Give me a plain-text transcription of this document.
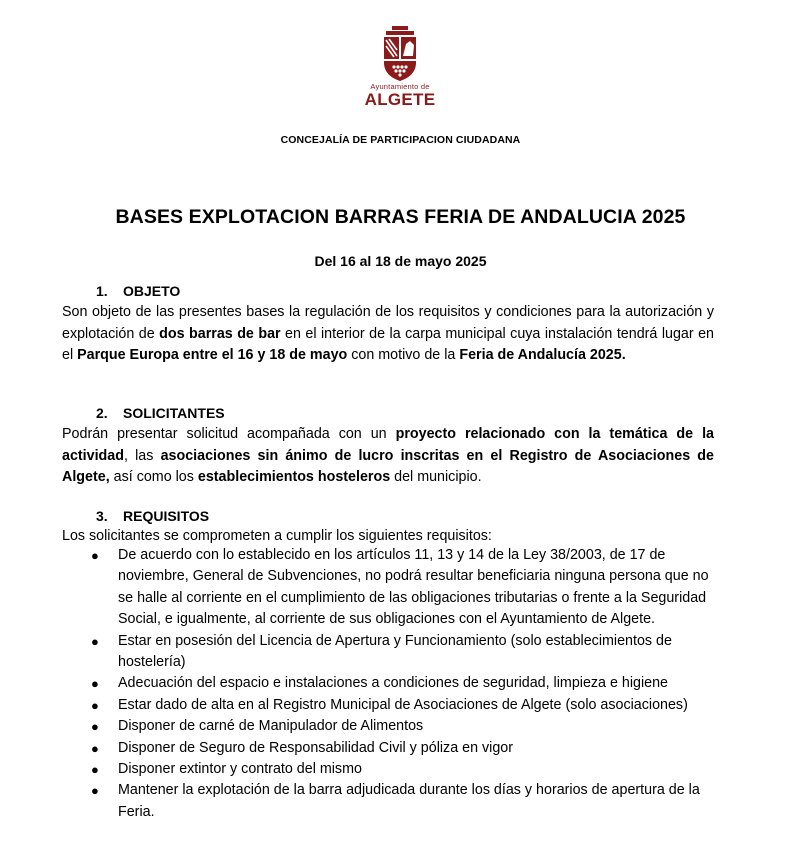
Ayuntamiento de
ALGETE
CONCEJALÍA DE PARTICIPACION CIUDADANA
BASES EXPLOTACION BARRAS FERIA DE ANDALUCIA 2025
Del 16 al 18 de mayo 2025
1. OBJETO
Son objeto de las presentes bases la regulación de los requisitos y condiciones para la autorización y explotación de dos barras de bar en el interior de la carpa municipal cuya instalación tendrá lugar en el Parque Europa entre el 16 y 18 de mayo con motivo de la Feria de Andalucía 2025.
2. SOLICITANTES
Podrán presentar solicitud acompañada con un proyecto relacionado con la temática de la actividad, las asociaciones sin ánimo de lucro inscritas en el Registro de Asociaciones de Algete, así como los establecimientos hosteleros del municipio.
3. REQUISITOS
Los solicitantes se comprometen a cumplir los siguientes requisitos:
● De acuerdo con lo establecido en los artículos 11, 13 y 14 de la Ley 38/2003, de 17 de noviembre, General de Subvenciones, no podrá resultar beneficiaria ninguna persona que no se halle al corriente en el cumplimiento de las obligaciones tributarias o frente a la Seguridad Social, e igualmente, al corriente de sus obligaciones con el Ayuntamiento de Algete.
● Estar en posesión del Licencia de Apertura y Funcionamiento (solo establecimientos de hostelería)
● Adecuación del espacio e instalaciones a condiciones de seguridad, limpieza e higiene
● Estar dado de alta en al Registro Municipal de Asociaciones de Algete (solo asociaciones)
● Disponer de carné de Manipulador de Alimentos
● Disponer de Seguro de Responsabilidad Civil y póliza en vigor
● Disponer extintor y contrato del mismo
● Mantener la explotación de la barra adjudicada durante los días y horarios de apertura de la Feria.
